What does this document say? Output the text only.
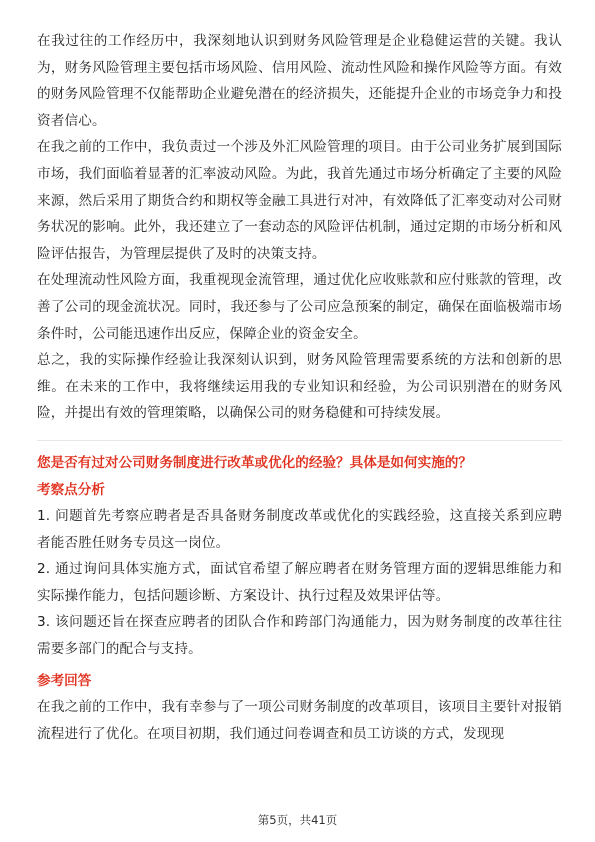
在我过往的工作经历中，我深刻地认识到财务风险管理是企业稳健运营的关键。我认为，财务风险管理主要包括市场风险、信用风险、流动性风险和操作风险等方面。有效的财务风险管理不仅能帮助企业避免潜在的经济损失，还能提升企业的市场竞争力和投资者信心。

在我之前的工作中，我负责过一个涉及外汇风险管理的项目。由于公司业务扩展到国际市场，我们面临着显著的汇率波动风险。为此，我首先通过市场分析确定了主要的风险来源，然后采用了期货合约和期权等金融工具进行对冲，有效降低了汇率变动对公司财务状况的影响。此外，我还建立了一套动态的风险评估机制，通过定期的市场分析和风险评估报告，为管理层提供了及时的决策支持。

在处理流动性风险方面，我重视现金流管理，通过优化应收账款和应付账款的管理，改善了公司的现金流状况。同时，我还参与了公司应急预案的制定，确保在面临极端市场条件时，公司能迅速作出反应，保障企业的资金安全。

总之，我的实际操作经验让我深刻认识到，财务风险管理需要系统的方法和创新的思维。在未来的工作中，我将继续运用我的专业知识和经验，为公司识别潜在的财务风险，并提出有效的管理策略，以确保公司的财务稳健和可持续发展。

您是否有过对公司财务制度进行改革或优化的经验？具体是如何实施的？

考察点分析

1. 问题首先考察应聘者是否具备财务制度改革或优化的实践经验，这直接关系到应聘者能否胜任财务专员这一岗位。

2. 通过询问具体实施方式，面试官希望了解应聘者在财务管理方面的逻辑思维能力和实际操作能力，包括问题诊断、方案设计、执行过程及效果评估等。

3. 该问题还旨在探查应聘者的团队合作和跨部门沟通能力，因为财务制度的改革往往需要多部门的配合与支持。

参考回答

在我之前的工作中，我有幸参与了一项公司财务制度的改革项目，该项目主要针对报销流程进行了优化。在项目初期，我们通过问卷调查和员工访谈的方式，发现现

第5页，共41页
